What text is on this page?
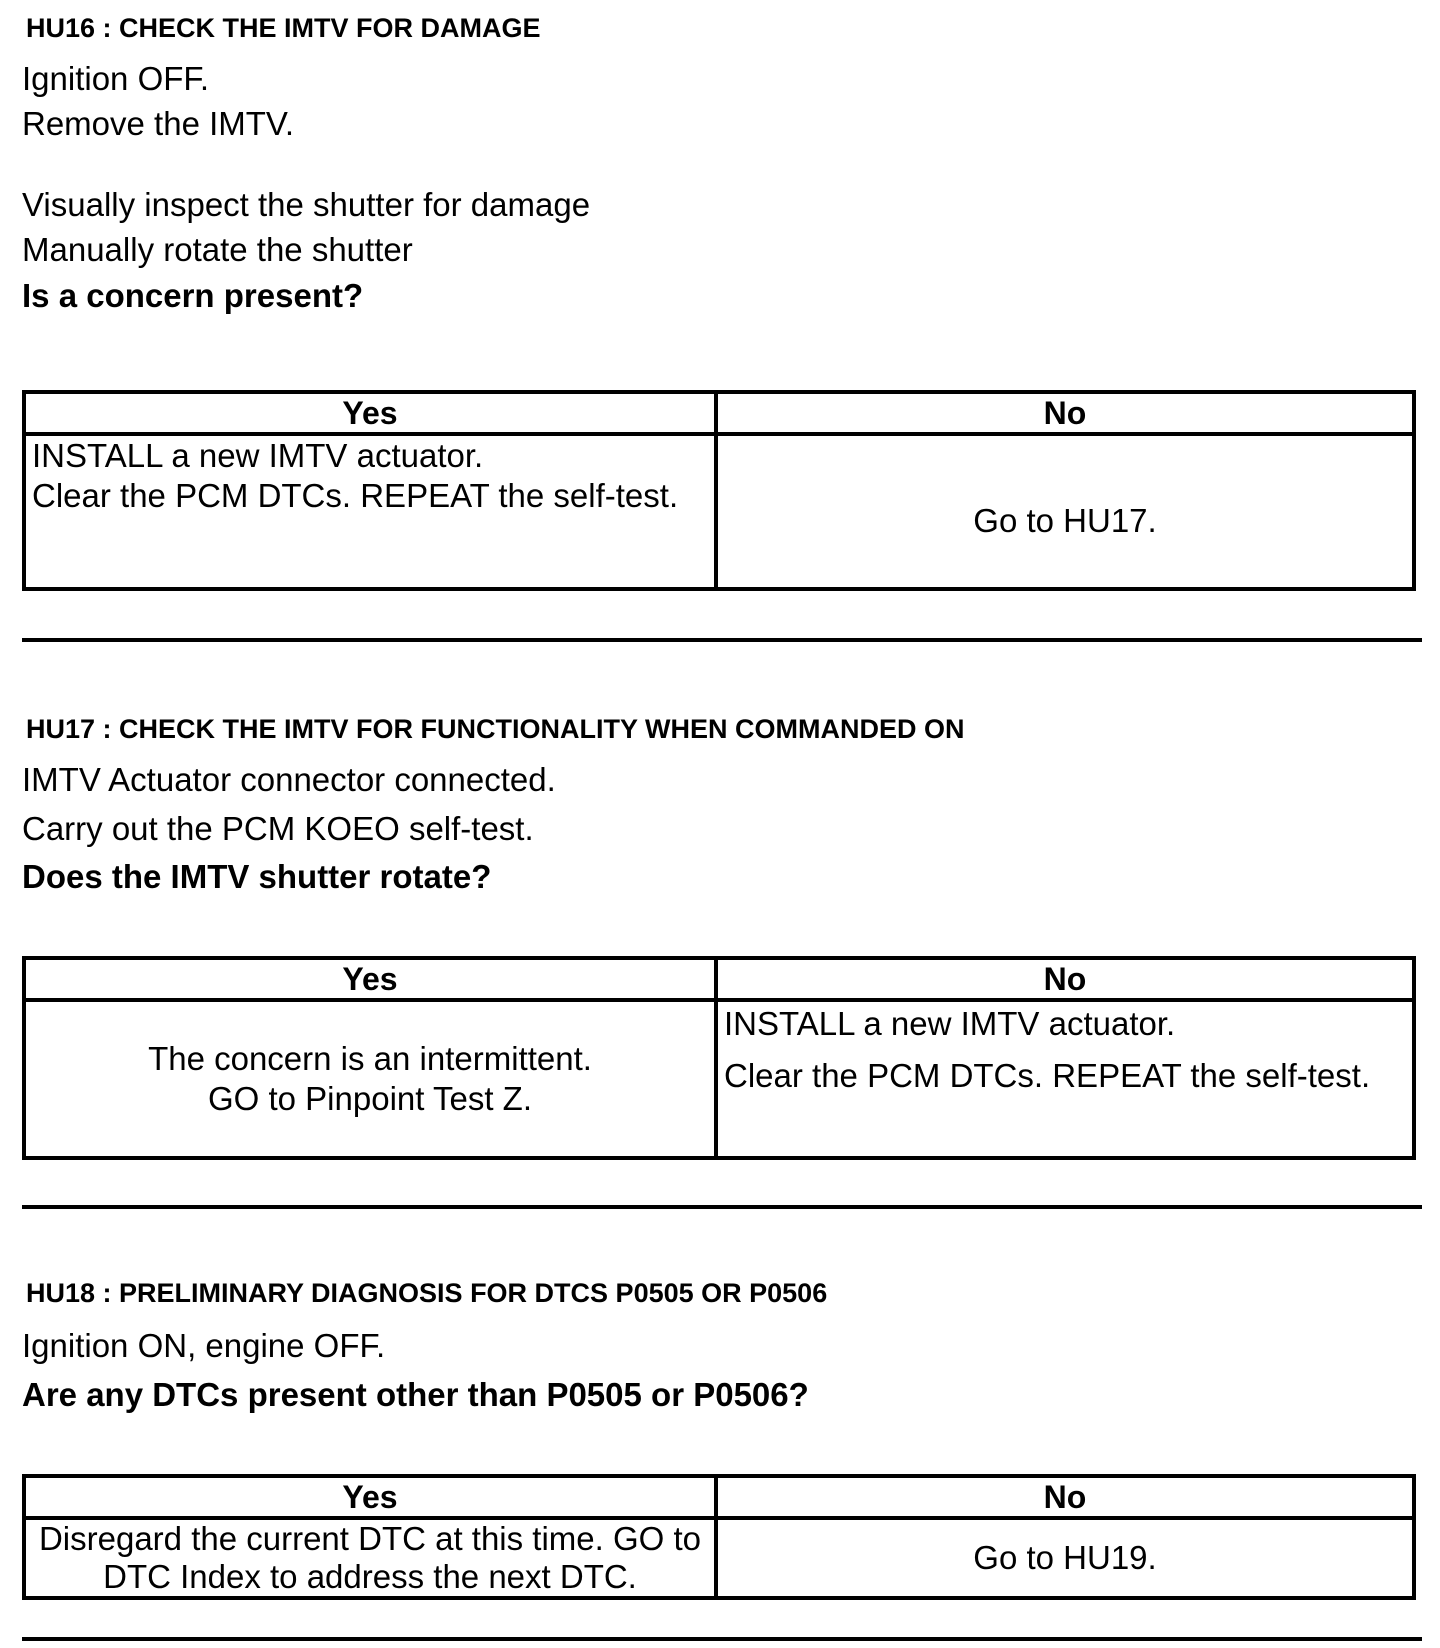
HU16 : CHECK THE IMTV FOR DAMAGE

Ignition OFF.

Remove the IMTV.

Visually inspect the shutter for damage

Manually rotate the shutter

Is a concern present?

Yes	No

INSTALL a new IMTV actuator.
Clear the PCM DTCs. REPEAT the self-test.	Go to HU17.
HU17 : CHECK THE IMTV FOR FUNCTIONALITY WHEN COMMANDED ON

IMTV Actuator connector connected.

Carry out the PCM KOEO self-test.

Does the IMTV shutter rotate?

Yes	No

The concern is an intermittent.
GO to Pinpoint Test Z.	INSTALL a new IMTV actuator.
Clear the PCM DTCs. REPEAT the self-test.
HU18 : PRELIMINARY DIAGNOSIS FOR DTCS P0505 OR P0506

Ignition ON, engine OFF.

Are any DTCs present other than P0505 or P0506?

Yes	No

Disregard the current DTC at this time. GO to
DTC Index to address the next DTC.	Go to HU19.
